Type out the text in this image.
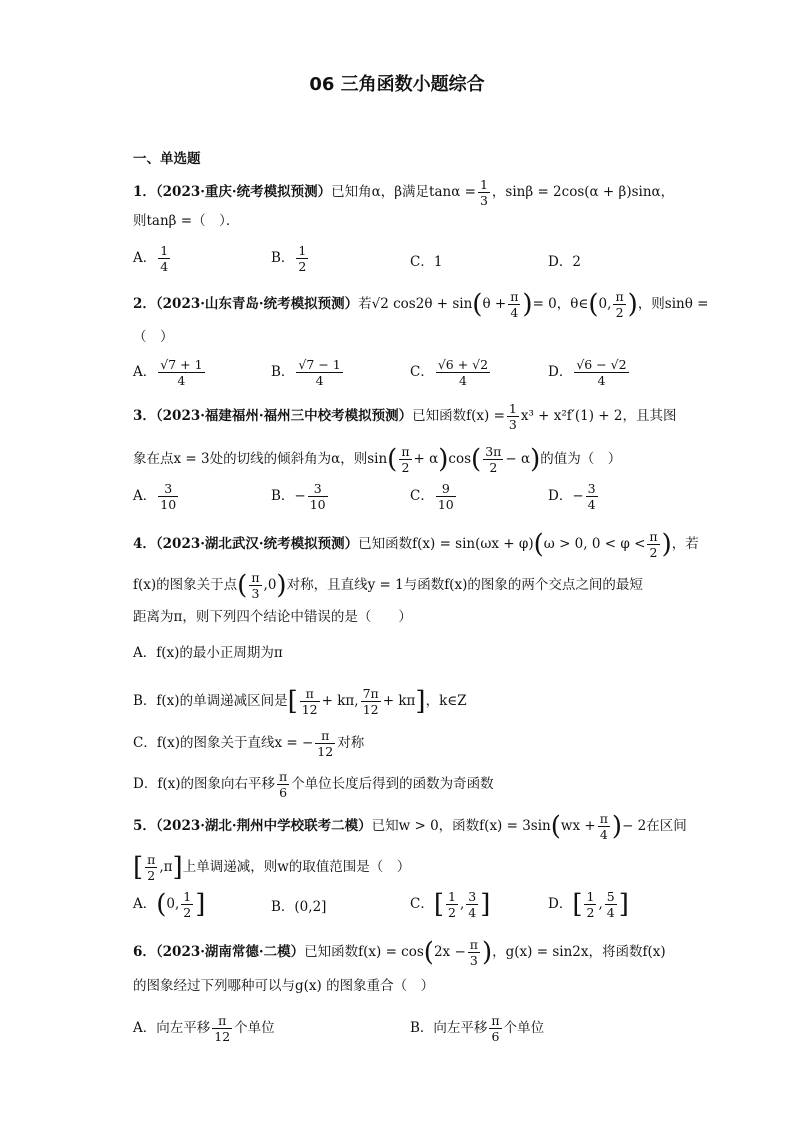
06 三角函数小题综合
一、单选题
1．（2023·重庆·统考模拟预测）已知角α，β满足$\tan\alpha = \frac{1}{3}$ ，sinβ = 2cos(α + β)sinα，
则tanβ =（　）．
A． $\frac{1}{4}$	B． $\frac{1}{2}$	C．1	D．2
2．（2023·山东青岛·统考模拟预测）若√2 $\cos 2\theta + \sin(\theta + \frac{\pi}{4}$ )= 0，θ∈(0, $\frac{\pi}{2}$ )，则sinθ =
（　）
A． $\frac{√7 + 1}{4}$	B． $\frac{√7 - 1}{4}$	C． $\frac{√6 + √2}{4}$	D． $\frac{√6 - √2}{4}$
3．（2023·福建福州·福州三中校考模拟预测）已知函数$f(x) = \frac{1}{3} x^3 + x^2f'(1) + 2$，且其图
象在点x = 3处的切线的倾斜角为α，则$\sin( \frac{\pi}{2} + \alpha)\cos( \frac{3\pi}{2} - \alpha)$的值为（　）
A． $\frac{3}{10}$	B．− $\frac{3}{10}$	C． $\frac{9}{10}$	D．− $\frac{3}{4}$
4．（2023·湖北武汉·统考模拟预测）已知函数f(x) = sin(ωx + φ)(ω > 0, $0 < \varphi < \frac{\pi}{2}$ )，若
f(x)的图象关于点( $\frac{\pi}{3} ,0$)对称，且直线y = 1与函数f(x)的图象的两个交点之间的最短
距离为π，则下列四个结论中错误的是（　　）
A．f(x)的最小正周期为π
B．f(x)的单调递减区间是[ $\frac{\pi}{12} + k\pi$, $\frac{7\pi}{12} + k\pi$]，k∈Z
C．f(x)的图象关于直线x = − $\frac{\pi}{12}$ 对称
D．f(x)的图象向右平移 $\frac{\pi}{6}$ 个单位长度后得到的函数为奇函数
5．（2023·湖北·荆州中学校联考二模）已知w > 0，函数$f(x) = 3\sin(wx + \frac{\pi}{4}$ )− 2在区间
[ $\frac{\pi}{2} ,\pi$]上单调递减，则w的取值范围是（　）
A．(0, $\frac{1}{2}$ ]	B．(0,2]	C．[ $\frac{1}{2}$ , $\frac{3}{4}$ ]	D．[ $\frac{1}{2}$ , $\frac{5}{4}$ ]
6．（2023·湖南常德·二模）已知函数$f(x) = \cos(2x - \frac{\pi}{3}$ )，g(x) = sin2x，将函数f(x)
的图象经过下列哪种可以与g(x) 的图象重合（　）
A．向左平移 $\frac{\pi}{12}$ 个单位	B．向左平移 $\frac{\pi}{6}$ 个单位
